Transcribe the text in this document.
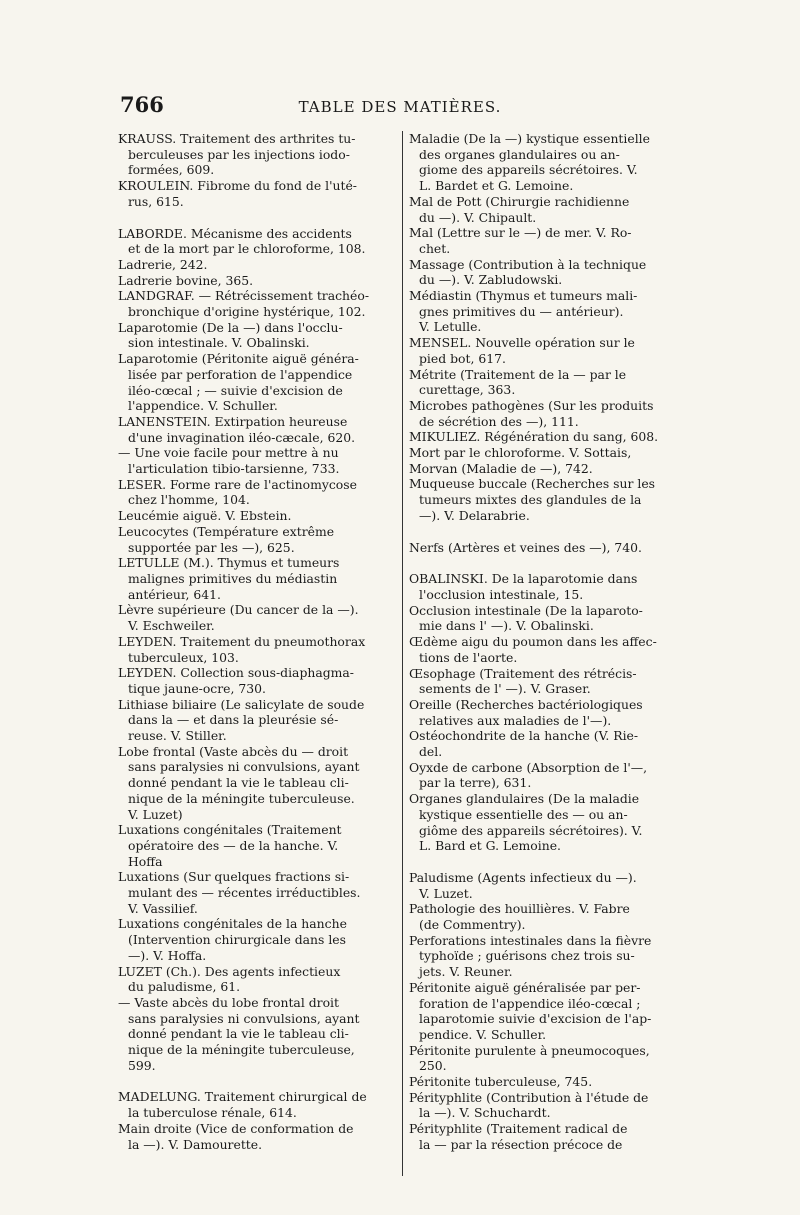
766	TABLE DES MATIÈRES.
KRAUSS. Traitement des arthrites tu-
berculeuses par les injections iodo-
formées, 609.
KROULEIN. Fibrome du fond de l'uté-
rus, 615.
LABORDE. Mécanisme des accidents
et de la mort par le chloroforme, 108.
Ladrerie, 242.
Ladrerie bovine, 365.
LANDGRAF. — Rétrécissement trachéo-
bronchique d'origine hystérique, 102.
Laparotomie (De la —) dans l'occlu-
sion intestinale. V. Obalinski.
Laparotomie (Péritonite aiguë généra-
lisée par perforation de l'appendice
iléo-cœcal ; — suivie d'excision de
l'appendice. V. Schuller.
LANENSTEIN. Extirpation heureuse
d'une invagination iléo-cæcale, 620.
— Une voie facile pour mettre à nu
l'articulation tibio-tarsienne, 733.
LESER. Forme rare de l'actinomycose
chez l'homme, 104.
Leucémie aiguë. V. Ebstein.
Leucocytes (Température extrême
supportée par les —), 625.
LETULLE (M.). Thymus et tumeurs
malignes primitives du médiastin
antérieur, 641.
Lèvre supérieure (Du cancer de la —).
V. Eschweiler.
LEYDEN. Traitement du pneumothorax
tuberculeux, 103.
LEYDEN. Collection sous-diaphagma-
tique jaune-ocre, 730.
Lithiase biliaire (Le salicylate de soude
dans la — et dans la pleurésie sé-
reuse. V. Stiller.
Lobe frontal (Vaste abcès du — droit
sans paralysies ni convulsions, ayant
donné pendant la vie le tableau cli-
nique de la méningite tuberculeuse.
V. Luzet)
Luxations congénitales (Traitement
opératoire des — de la hanche. V.
Hoffa
Luxations (Sur quelques fractions si-
mulant des — récentes irréductibles.
V. Vassilief.
Luxations congénitales de la hanche
(Intervention chirurgicale dans les
—). V. Hoffa.
LUZET (Ch.). Des agents infectieux
du paludisme, 61.
— Vaste abcès du lobe frontal droit
sans paralysies ni convulsions, ayant
donné pendant la vie le tableau cli-
nique de la méningite tuberculeuse,
599.
MADELUNG. Traitement chirurgical de
la tuberculose rénale, 614.
Main droite (Vice de conformation de
la —). V. Damourette.
Maladie (De la —) kystique essentielle
des organes glandulaires ou an-
giome des appareils sécrétoires. V.
L. Bardet et G. Lemoine.
Mal de Pott (Chirurgie rachidienne
du —). V. Chipault.
Mal (Lettre sur le —) de mer. V. Ro-
chet.
Massage (Contribution à la technique
du —). V. Zabludowski.
Médiastin (Thymus et tumeurs mali-
gnes primitives du — antérieur).
V. Letulle.
MENSEL. Nouvelle opération sur le
pied bot, 617.
Métrite (Traitement de la — par le
curettage, 363.
Microbes pathogènes (Sur les produits
de sécrétion des —), 111.
MIKULIEZ. Régénération du sang, 608.
Mort par le chloroforme. V. Sottais,
Morvan (Maladie de —), 742.
Muqueuse buccale (Recherches sur les
tumeurs mixtes des glandules de la
—). V. Delarabrie.
Nerfs (Artères et veines des —), 740.
OBALINSKI. De la laparotomie dans
l'occlusion intestinale, 15.
Occlusion intestinale (De la laparoto-
mie dans l' —). V. Obalinski.
Œdème aigu du poumon dans les affec-
tions de l'aorte.
Œsophage (Traitement des rétrécis-
sements de l' —). V. Graser.
Oreille (Recherches bactériologiques
relatives aux maladies de l'—).
Ostéochondrite de la hanche (V. Rie-
del.
Oyxde de carbone (Absorption de l'—,
par la terre), 631.
Organes glandulaires (De la maladie
kystique essentielle des — ou an-
giôme des appareils sécrétoires). V.
L. Bard et G. Lemoine.
Paludisme (Agents infectieux du —).
V. Luzet.
Pathologie des houillières. V. Fabre
(de Commentry).
Perforations intestinales dans la fièvre
typhoïde ; guérisons chez trois su-
jets. V. Reuner.
Péritonite aiguë généralisée par per-
foration de l'appendice iléo-cœcal ;
laparotomie suivie d'excision de l'ap-
pendice. V. Schuller.
Péritonite purulente à pneumocoques,
250.
Péritonite tuberculeuse, 745.
Pérityphlite (Contribution à l'étude de
la —). V. Schuchardt.
Pérityphlite (Traitement radical de
la — par la résection précoce de
